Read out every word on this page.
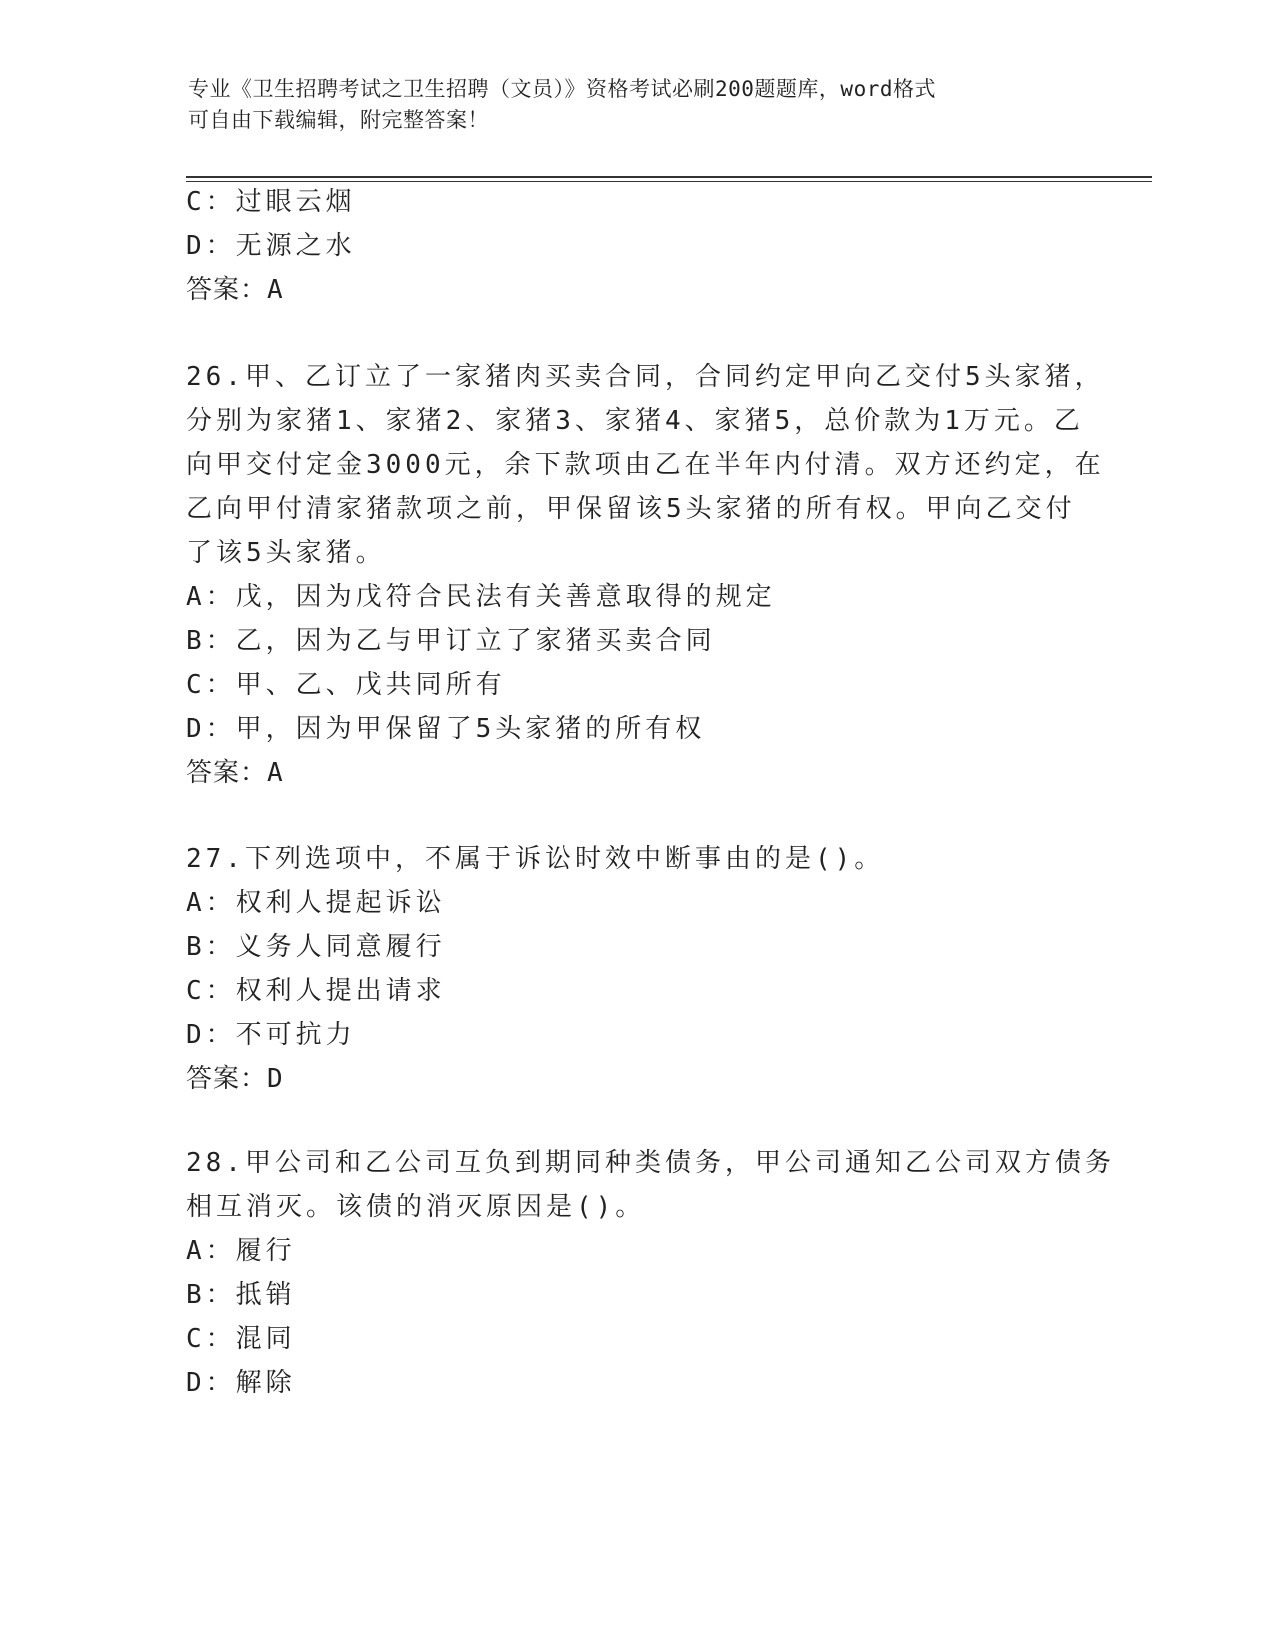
专业《卫生招聘考试之卫生招聘（文员）》资格考试必刷200题题库，word格式
可自由下载编辑，附完整答案！
C：过眼云烟
D：无源之水
答案：A
26.甲、乙订立了一家猪肉买卖合同，合同约定甲向乙交付5头家猪，
分别为家猪1、家猪2、家猪3、家猪4、家猪5，总价款为1万元。乙
向甲交付定金3000元，余下款项由乙在半年内付清。双方还约定，在
乙向甲付清家猪款项之前，甲保留该5头家猪的所有权。甲向乙交付
了该5头家猪。
A：戊，因为戊符合民法有关善意取得的规定
B：乙，因为乙与甲订立了家猪买卖合同
C：甲、乙、戊共同所有
D：甲，因为甲保留了5头家猪的所有权
答案：A
27.下列选项中，不属于诉讼时效中断事由的是()。
A：权利人提起诉讼
B：义务人同意履行
C：权利人提出请求
D：不可抗力
答案：D
28.甲公司和乙公司互负到期同种类债务，甲公司通知乙公司双方债务
相互消灭。该债的消灭原因是()。
A：履行
B：抵销
C：混同
D：解除
